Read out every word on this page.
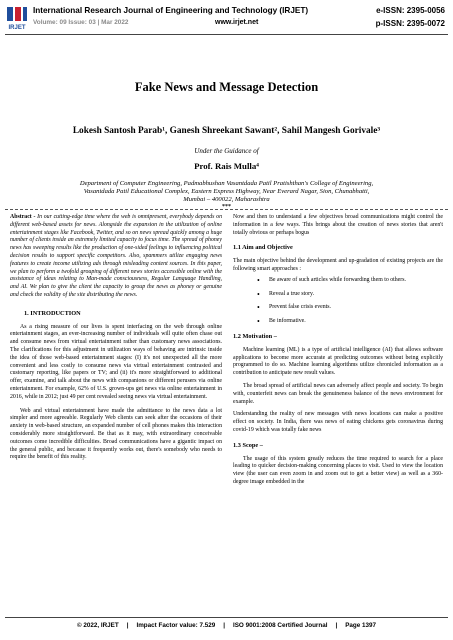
IRJET
International Research Journal of Engineering and Technology (IRJET)
Volume: 09 Issue: 03 | Mar 2022	www.irjet.net
e-ISSN: 2395-0056
p-ISSN: 2395-0072
Fake News and Message Detection
Lokesh Santosh Parab¹, Ganesh Shreekant Sawant², Sahil Mangesh Gorivale³
Under the Guidance of
Prof. Rais Mulla⁴
Department of Computer Engineering, Padmabhushan Vasantdada Patil Pratishthan's College of Engineering,
Vasantdada Patil Educational Complex, Eastern Express Highway, Near Everard Nagar, Sion, Chunabhatti,
Mumbai – 400022, Maharashtra
***

Abstract - In our cutting-edge time where the web is omnipresent, everybody depends on different web-based assets for news. Alongside the expansion in the utilization of online entertainment stages like Facebook, Twitter, and so on news spread quickly among a huge number of clients inside an extremely limited capacity to focus time. The spread of phoney news has sweeping results like the production of one-sided feelings to influencing political decision results to support specific competitors. Also, spammers utilize engaging news features to create income utilizing ads through misleading content sources. In this paper, we plan to perform a twofold grouping of different news stories accessible online with the assistance of ideas relating to Man-made consciousness, Regular Language Handling, and AI. We plan to give the client the capacity to group the news as phoney or genuine and check the validity of the site distributing the news.

1. INTRODUCTION

As a rising measure of our lives is spent interfacing on the web through online entertainment stages, an ever-increasing number of individuals will quite often chase out and consume news from virtual entertainment rather than customary news associations. The clarifications for this adjustment in utilization ways of behaving are intrinsic inside the idea of those web-based entertainment stages: (I) it's not unexpected all the more convenient and less costly to consume news via virtual entertainment contrasted and customary reporting, like papers or TV; and (ii) it's more straightforward to additional offer, examine, and talk about the news with companions or different perusers via online entertainment. For example, 62% of U.S. grown-ups get news via online entertainment in 2016, while in 2012; just 49 per cent revealed seeing news via virtual entertainment.

Web and virtual entertainment have made the admittance to the news data a lot simpler and more agreeable. Regularly Web clients can seek after the occasions of their anxiety in web-based structure, an expanded number of cell phones makes this interaction considerably more straightforward. Be that as it may, with extraordinary conceivable outcomes come incredible difficulties. Broad communications have a gigantic impact on the general public, and because it frequently works out, there's somebody who needs to require the benefit of this reality.

Now and then to understand a few objectives broad communications might control the information in a few ways. This brings about the creation of news stories that aren't totally obvious or perhaps bogus

1.1 Aim and Objective

The main objective behind the development and up-gradation of existing projects are the following smart approaches :

• Be aware of such articles while forwarding them to others.
• Reveal a true story.
• Prevent false crisis events.
• Be informative.
1.2 Motivation –

Machine learning (ML) is a type of artificial intelligence (AI) that allows software applications to become more accurate at predicting outcomes without being explicitly programmed to do so. Machine learning algorithms utilize chronicled information as a contribution to anticipate new result values.

The broad spread of artificial news can adversely affect people and society. To begin with, counterfeit news can break the genuineness balance of the news environment for example.

Understanding the reality of new messages with news locations can make a positive effect on society. In India, there was news of eating chickens gets coronavirus during covid-19 which was totally fake news

1.3 Scope –

The usage of this system greatly reduces the time required to search for a place leading to quicker decision-making concerning places to visit. Used to view the location view (the user can even zoom in and zoom out to get a better view) as well as a 360-degree image embedded in the

© 2022, IRJET | Impact Factor value: 7.529 | ISO 9001:2008 Certified Journal | Page 1397
